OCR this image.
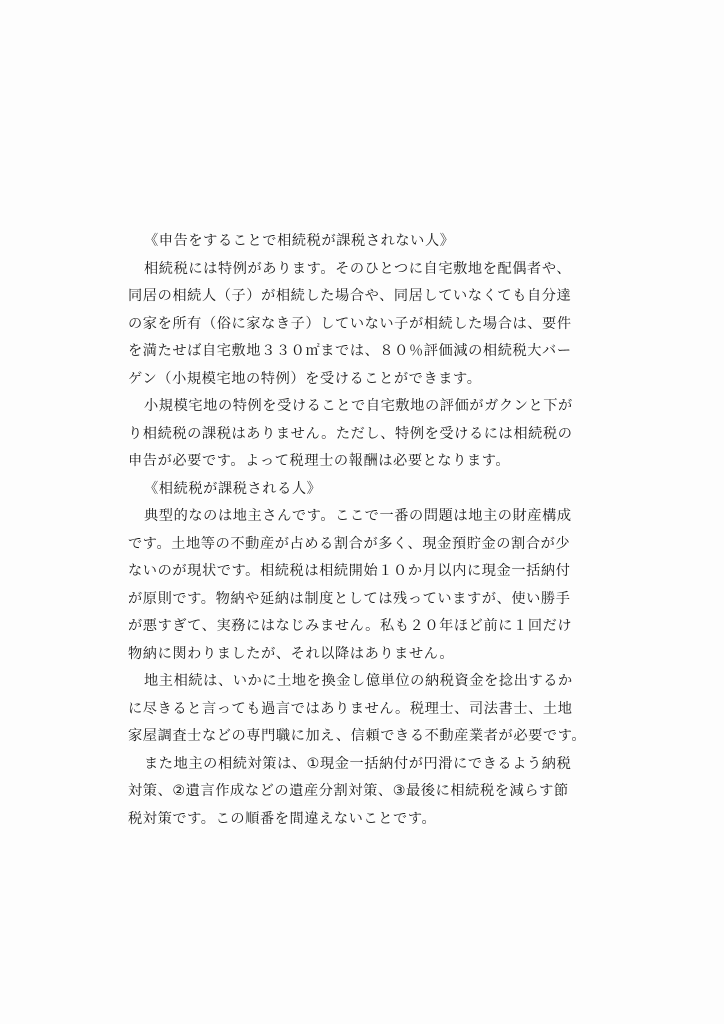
《申告をすることで相続税が課税されない人》
相続税には特例があります。そのひとつに自宅敷地を配偶者や、
同居の相続人（子）が相続した場合や、同居していなくても自分達
の家を所有（俗に家なき子）していない子が相続した場合は、要件
を満たせば自宅敷地３３０㎡までは、８０％評価減の相続税大バー
ゲン（小規模宅地の特例）を受けることができます。
小規模宅地の特例を受けることで自宅敷地の評価がガクンと下が
り相続税の課税はありません。ただし、特例を受けるには相続税の
申告が必要です。よって税理士の報酬は必要となります。
《相続税が課税される人》
典型的なのは地主さんです。ここで一番の問題は地主の財産構成
です。土地等の不動産が占める割合が多く、現金預貯金の割合が少
ないのが現状です。相続税は相続開始１０か月以内に現金一括納付
が原則です。物納や延納は制度としては残っていますが、使い勝手
が悪すぎて、実務にはなじみません。私も２０年ほど前に１回だけ
物納に関わりましたが、それ以降はありません。
地主相続は、いかに土地を換金し億単位の納税資金を捻出するか
に尽きると言っても過言ではありません。税理士、司法書士、土地
家屋調査士などの専門職に加え、信頼できる不動産業者が必要です。
また地主の相続対策は、①現金一括納付が円滑にできるよう納税
対策、②遺言作成などの遺産分割対策、③最後に相続税を減らす節
税対策です。この順番を間違えないことです。
